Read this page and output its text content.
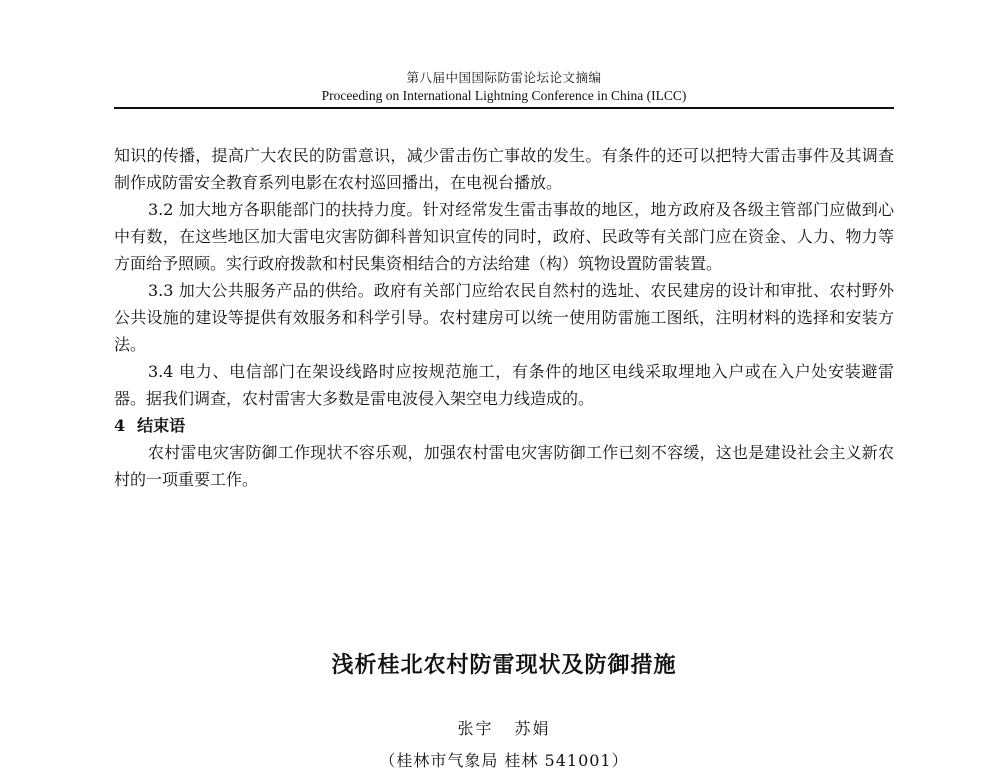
第八届中国国际防雷论坛论文摘编
Proceeding on International Lightning Conference in China (ILCC)

知识的传播，提高广大农民的防雷意识，减少雷击伤亡事故的发生。有条件的还可以把特大雷击事件及其调查制作成防雷安全教育系列电影在农村巡回播出，在电视台播放。

3.2 加大地方各职能部门的扶持力度。针对经常发生雷击事故的地区，地方政府及各级主管部门应做到心中有数，在这些地区加大雷电灾害防御科普知识宣传的同时，政府、民政等有关部门应在资金、人力、物力等方面给予照顾。实行政府拨款和村民集资相结合的方法给建（构）筑物设置防雷装置。

3.3 加大公共服务产品的供给。政府有关部门应给农民自然村的选址、农民建房的设计和审批、农村野外公共设施的建设等提供有效服务和科学引导。农村建房可以统一使用防雷施工图纸，注明材料的选择和安装方法。

3.4 电力、电信部门在架设线路时应按规范施工，有条件的地区电线采取埋地入户或在入户处安装避雷器。据我们调查，农村雷害大多数是雷电波侵入架空电力线造成的。

4 结束语

农村雷电灾害防御工作现状不容乐观，加强农村雷电灾害防御工作已刻不容缓，这也是建设社会主义新农村的一项重要工作。

浅析桂北农村防雷现状及防御措施
张宇 苏娟
（桂林市气象局 桂林 541001）
